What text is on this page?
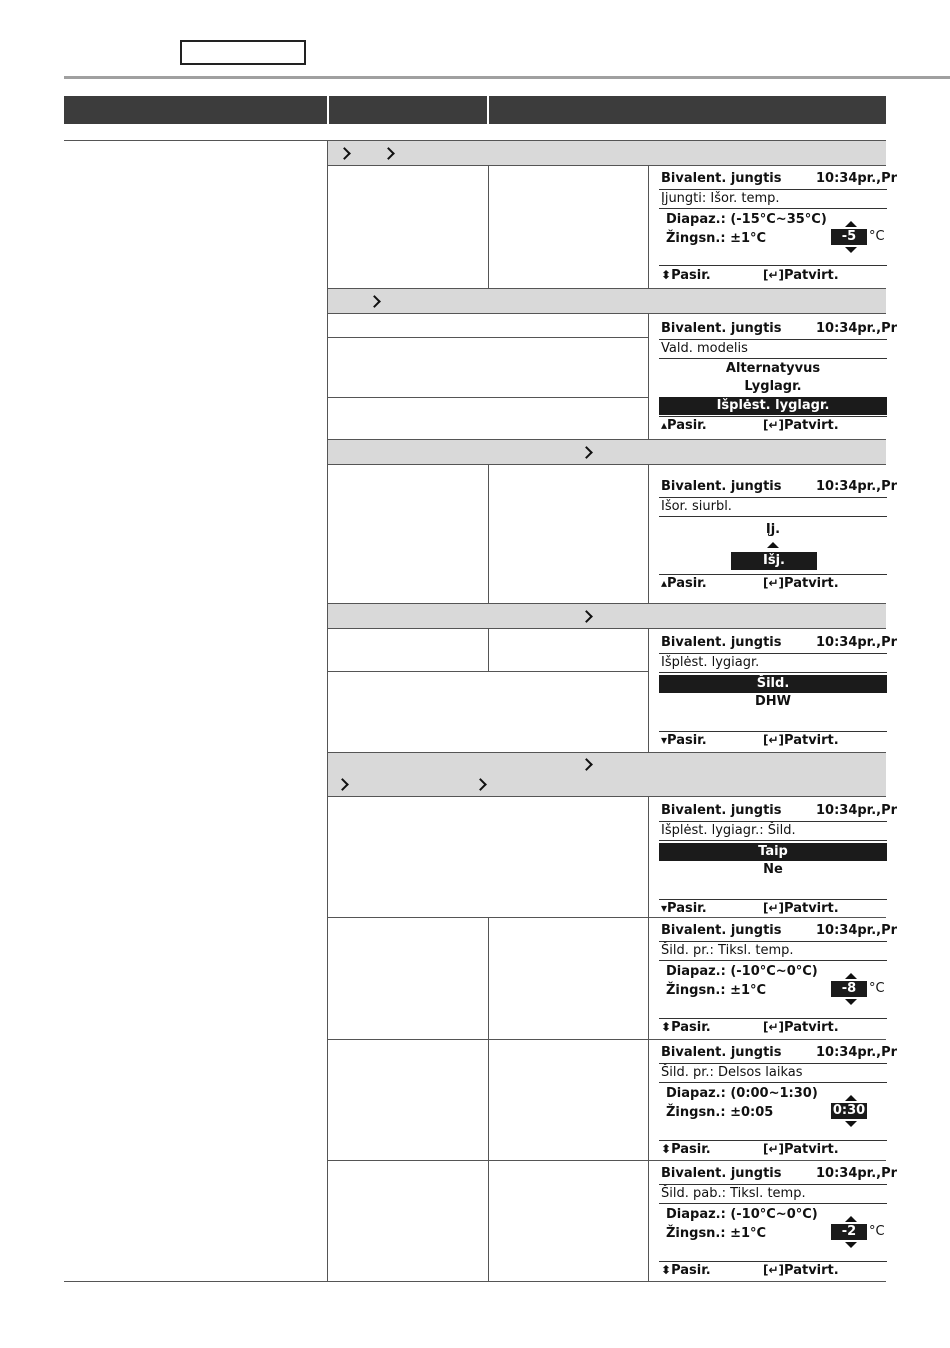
Bivalent. jungtis	10:34pr.,Pr
Įjungti: Išor. temp.
Diapaz.: (-15°C~35°C)
Žingsn.: ±1°C	-5 °C
⬍Pasir.	[↵]Patvirt.
Bivalent. jungtis	10:34pr.,Pr
Vald. modelis
Alternatyvus
Lyglagr.
Išplėst. lyglagr.
▴Pasir.	[↵]Patvirt.
Bivalent. jungtis	10:34pr.,Pr
Išor. siurbl.
Įj.
Išj.
▴Pasir.	[↵]Patvirt.
Bivalent. jungtis	10:34pr.,Pr
Išplėst. lygiagr.
Šild.
DHW
▾Pasir.	[↵]Patvirt.
Bivalent. jungtis	10:34pr.,Pr
Išplėst. lygiagr.: Šild.
Taip
Ne
▾Pasir.	[↵]Patvirt.
Bivalent. jungtis	10:34pr.,Pr
Šild. pr.: Tiksl. temp.
Diapaz.: (-10°C~0°C)
Žingsn.: ±1°C	-8 °C
⬍Pasir.	[↵]Patvirt.
Bivalent. jungtis	10:34pr.,Pr
Šild. pr.: Delsos laikas
Diapaz.: (0:00~1:30)
Žingsn.: ±0:05	0:30
⬍Pasir.	[↵]Patvirt.
Bivalent. jungtis	10:34pr.,Pr
Šild. pab.: Tiksl. temp.
Diapaz.: (-10°C~0°C)
Žingsn.: ±1°C	-2 °C
⬍Pasir.	[↵]Patvirt.
